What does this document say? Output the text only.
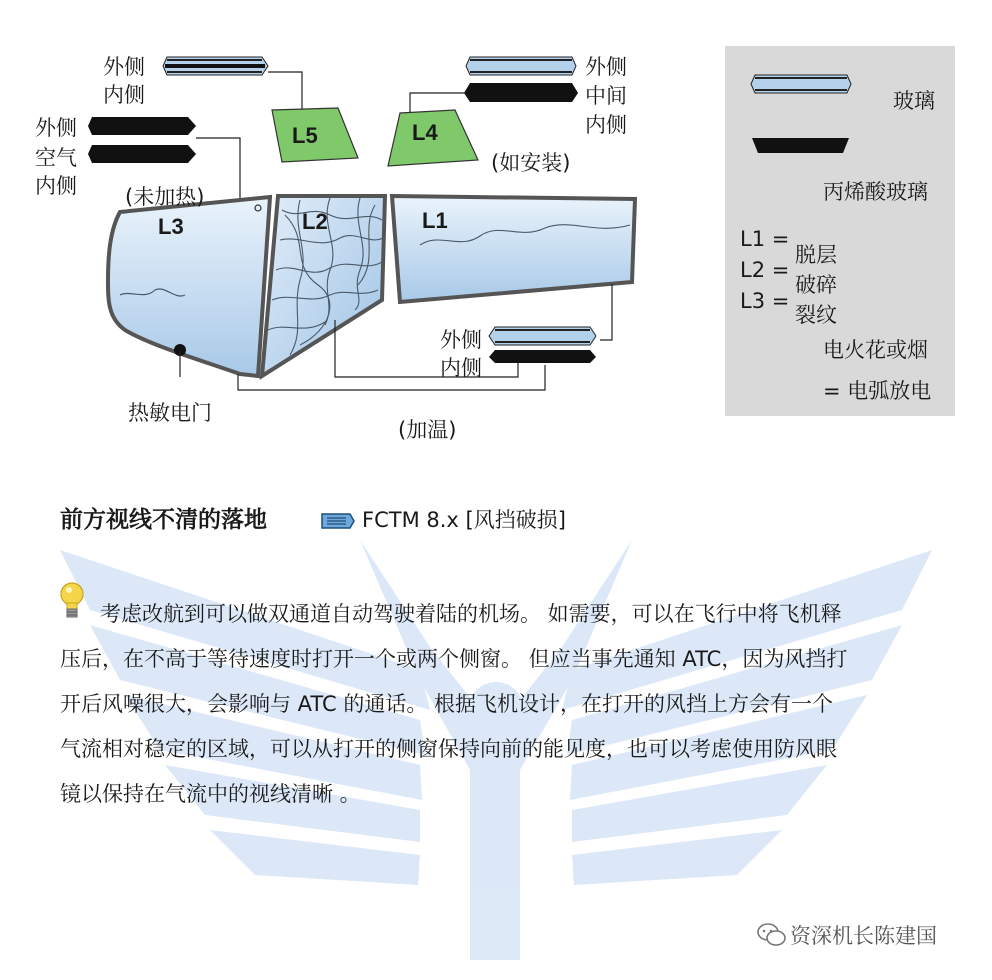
外侧
内侧
外侧
空气
内侧
外侧
中间
内侧
(如安装)
(未加热)
L5	L4
L3	L2	L1
外侧
内侧
热敏电门
(加温)
玻璃
丙烯酸玻璃
L1 =
L2 =
L3 =
脱层
破碎
裂纹
电火花或烟
= 电弧放电
前方视线不清的落地	FCTM 8.x [风挡破损]
考虑改航到可以做双通道自动驾驶着陆的机场。 如需要，可以在飞行中将飞机释
压后，在不高于等待速度时打开一个或两个侧窗。 但应当事先通知 ATC，因为风挡打
开后风噪很大，会影响与 ATC 的通话。 根据飞机设计，在打开的风挡上方会有一个
气流相对稳定的区域，可以从打开的侧窗保持向前的能见度，也可以考虑使用防风眼
镜以保持在气流中的视线清晰 。
资深机长陈建国
